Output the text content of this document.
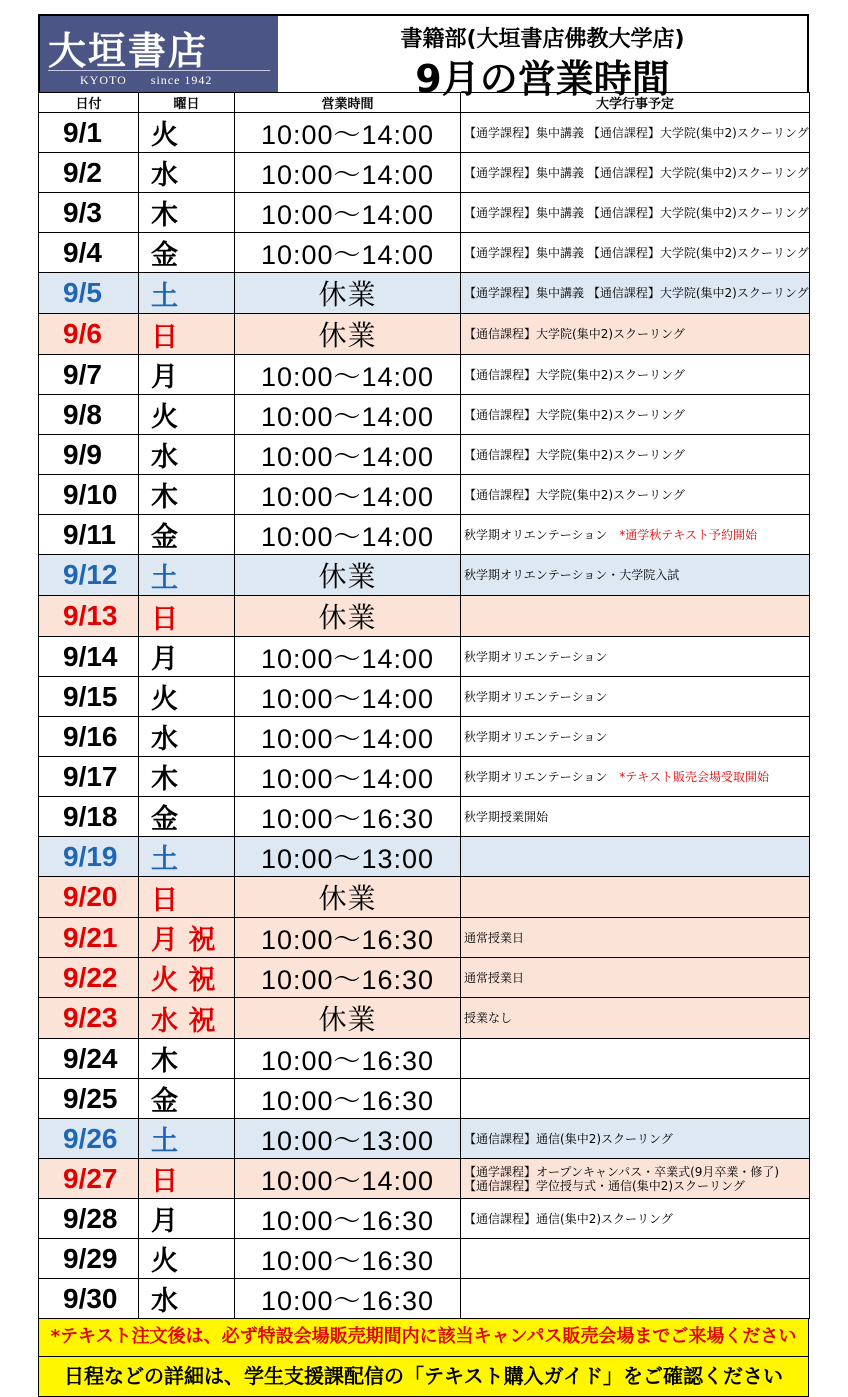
大垣書店
KYOTO      since 1942
書籍部(大垣書店佛教大学店)
9月の営業時間
日付	曜日		営業時間	大学行事予定
9/1	火		10:00～14:00	【通学課程】集中講義 【通信課程】大学院(集中2)スクーリング
9/2	水		10:00～14:00	【通学課程】集中講義 【通信課程】大学院(集中2)スクーリング
9/3	木		10:00～14:00	【通学課程】集中講義 【通信課程】大学院(集中2)スクーリング
9/4	金		10:00～14:00	【通学課程】集中講義 【通信課程】大学院(集中2)スクーリング
9/5	土		休業	【通学課程】集中講義 【通信課程】大学院(集中2)スクーリング
9/6	日		休業	【通信課程】大学院(集中2)スクーリング
9/7	月		10:00～14:00	【通信課程】大学院(集中2)スクーリング
9/8	火		10:00～14:00	【通信課程】大学院(集中2)スクーリング
9/9	水		10:00～14:00	【通信課程】大学院(集中2)スクーリング
9/10	木		10:00～14:00	【通信課程】大学院(集中2)スクーリング
9/11	金		10:00～14:00	秋学期オリエンテーション *通学秋テキスト予約開始
9/12	土		休業	秋学期オリエンテーション・大学院入試
9/13	日		休業	
9/14	月		10:00～14:00	秋学期オリエンテーション
9/15	火		10:00～14:00	秋学期オリエンテーション
9/16	水		10:00～14:00	秋学期オリエンテーション
9/17	木		10:00～14:00	秋学期オリエンテーション *テキスト販売会場受取開始
9/18	金		10:00～16:30	秋学期授業開始
9/19	土		10:00～13:00	
9/20	日		休業	
9/21	月	祝	10:00～16:30	通常授業日
9/22	火	祝	10:00～16:30	通常授業日
9/23	水	祝	休業	授業なし
9/24	木		10:00～16:30	
9/25	金		10:00～16:30	
9/26	土		10:00～13:00	【通信課程】通信(集中2)スクーリング
9/27	日		10:00～14:00	【通学課程】オープンキャンパス・卒業式(9月卒業・修了)
【通信課程】学位授与式・通信(集中2)スクーリング

9/28	月		10:00～16:30	【通信課程】通信(集中2)スクーリング
9/29	火		10:00～16:30	
9/30	水		10:00～16:30	
*テキスト注文後は、必ず特設会場販売期間内に該当キャンパス販売会場までご来場ください
日程などの詳細は、学生支援課配信の「テキスト購入ガイド」をご確認ください
